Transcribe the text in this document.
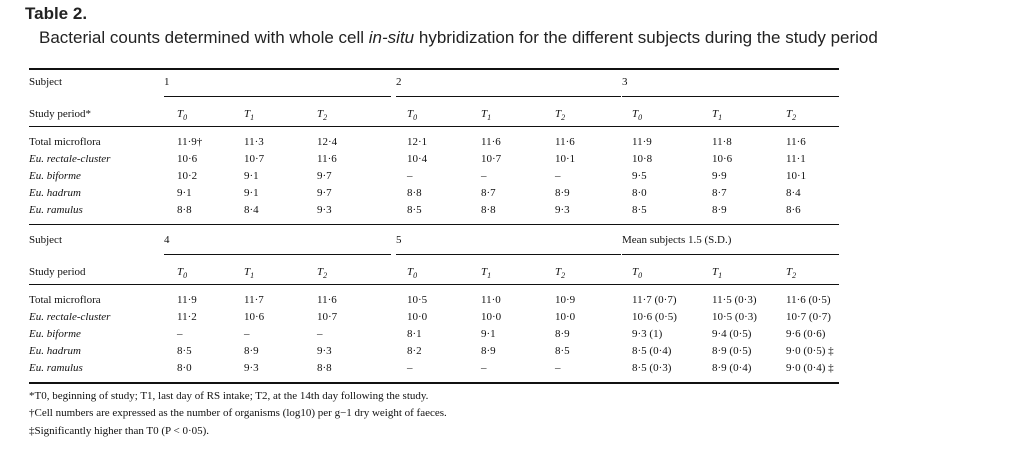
Table 2.
Bacterial counts determined with whole cell in-situ hybridization for the different subjects during the study period
Subject	1	2	3
Study period*	$T_0$	$T_1$	$T_2$	$T_0$	$T_1$	$T_2$	$T_0$	$T_1$	$T_2$
Total microflora	11·9†	11·3	12·4	12·1	11·6	11·6	11·9	11·8	11·6
Eu. rectale-cluster	10·6	10·7	11·6	10·4	10·7	10·1	10·8	10·6	11·1
Eu. biforme	10·2	9·1	9·7	–	–	–	9·5	9·9	10·1
Eu. hadrum	9·1	9·1	9·7	8·8	8·7	8·9	8·0	8·7	8·4
Eu. ramulus	8·8	8·4	9·3	8·5	8·8	9·3	8·5	8·9	8·6
Subject	4	5	Mean subjects 1.5 (S.D.)
Study period	$T_0$	$T_1$	$T_2$	$T_0$	$T_1$	$T_2$	$T_0$	$T_1$	$T_2$
Total microflora	11·9	11·7	11·6	10·5	11·0	10·9	11·7 (0·7)	11·5 (0·3)	11·6 (0·5)
Eu. rectale-cluster	11·2	10·6	10·7	10·0	10·0	10·0	10·6 (0·5)	10·5 (0·3)	10·7 (0·7)
Eu. biforme	–	–	–	8·1	9·1	8·9	9·3 (1)	9·4 (0·5)	9·6 (0·6)
Eu. hadrum	8·5	8·9	9·3	8·2	8·9	8·5	8·5 (0·4)	8·9 (0·5)	9·0 (0·5) ‡
Eu. ramulus	8·0	9·3	8·8	–	–	–	8·5 (0·3)	8·9 (0·4)	9·0 (0·4) ‡
*T0, beginning of study; T1, last day of RS intake; T2, at the 14th day following the study.
†Cell numbers are expressed as the number of organisms (log10) per g−1 dry weight of faeces.
‡Significantly higher than T0 (P < 0·05).
